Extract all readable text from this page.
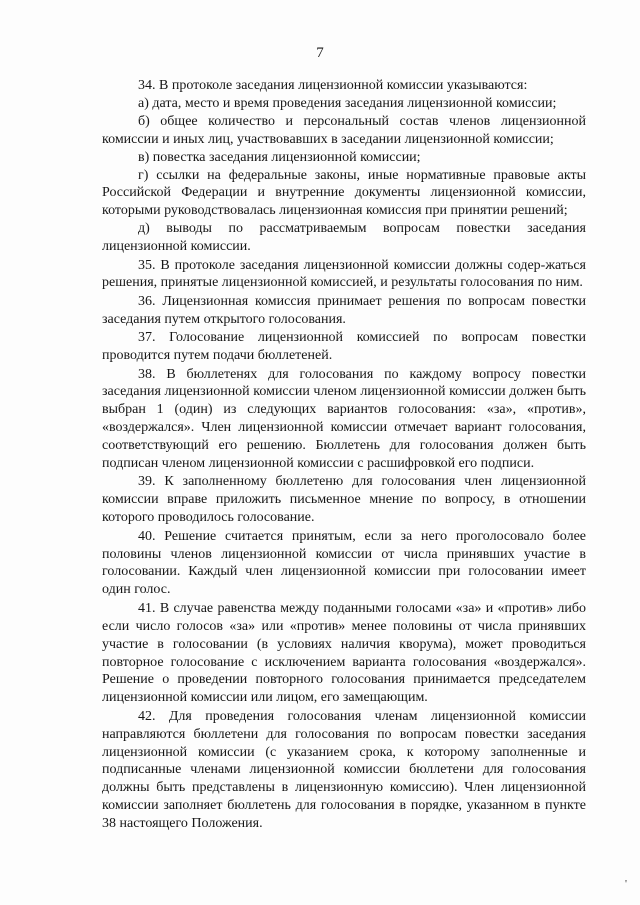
7

34. В протоколе заседания лицензионной комиссии указываются:

а) дата, место и время проведения заседания лицензионной комиссии;

б) общее количество и персональный состав членов лицензионной комиссии и иных лиц, участвовавших в заседании лицензионной комиссии;

в) повестка заседания лицензионной комиссии;

г) ссылки на федеральные законы, иные нормативные правовые акты Российской Федерации и внутренние документы лицензионной комиссии, которыми руководствовалась лицензионная комиссия при принятии решений;

д) выводы по рассматриваемым вопросам повестки заседания лицензионной комиссии.

35. В протоколе заседания лицензионной комиссии должны содер-жаться решения, принятые лицензионной комиссией, и результаты голосования по ним.

36. Лицензионная комиссия принимает решения по вопросам повестки заседания путем открытого голосования.

37. Голосование лицензионной комиссией по вопросам повестки проводится путем подачи бюллетеней.

38. В бюллетенях для голосования по каждому вопросу повестки заседания лицензионной комиссии членом лицензионной комиссии должен быть выбран 1 (один) из следующих вариантов голосования: «за», «против», «воздержался». Член лицензионной комиссии отмечает вариант голосования, соответствующий его решению. Бюллетень для голосования должен быть подписан членом лицензионной комиссии с расшифровкой его подписи.

39. К заполненному бюллетеню для голосования член лицензионной комиссии вправе приложить письменное мнение по вопросу, в отношении которого проводилось голосование.

40. Решение считается принятым, если за него проголосовало более половины членов лицензионной комиссии от числа принявших участие в голосовании. Каждый член лицензионной комиссии при голосовании имеет один голос.

41. В случае равенства между поданными голосами «за» и «против» либо если число голосов «за» или «против» менее половины от числа принявших участие в голосовании (в условиях наличия кворума), может проводиться повторное голосование с исключением варианта голосования «воздержался». Решение о проведении повторного голосования принимается председателем лицензионной комиссии или лицом, его замещающим.

42. Для проведения голосования членам лицензионной комиссии направляются бюллетени для голосования по вопросам повестки заседания лицензионной комиссии (с указанием срока, к которому заполненные и подписанные членами лицензионной комиссии бюллетени для голосования должны быть представлены в лицензионную комиссию). Член лицензионной комиссии заполняет бюллетень для голосования в порядке, указанном в пункте 38 настоящего Положения.

'
